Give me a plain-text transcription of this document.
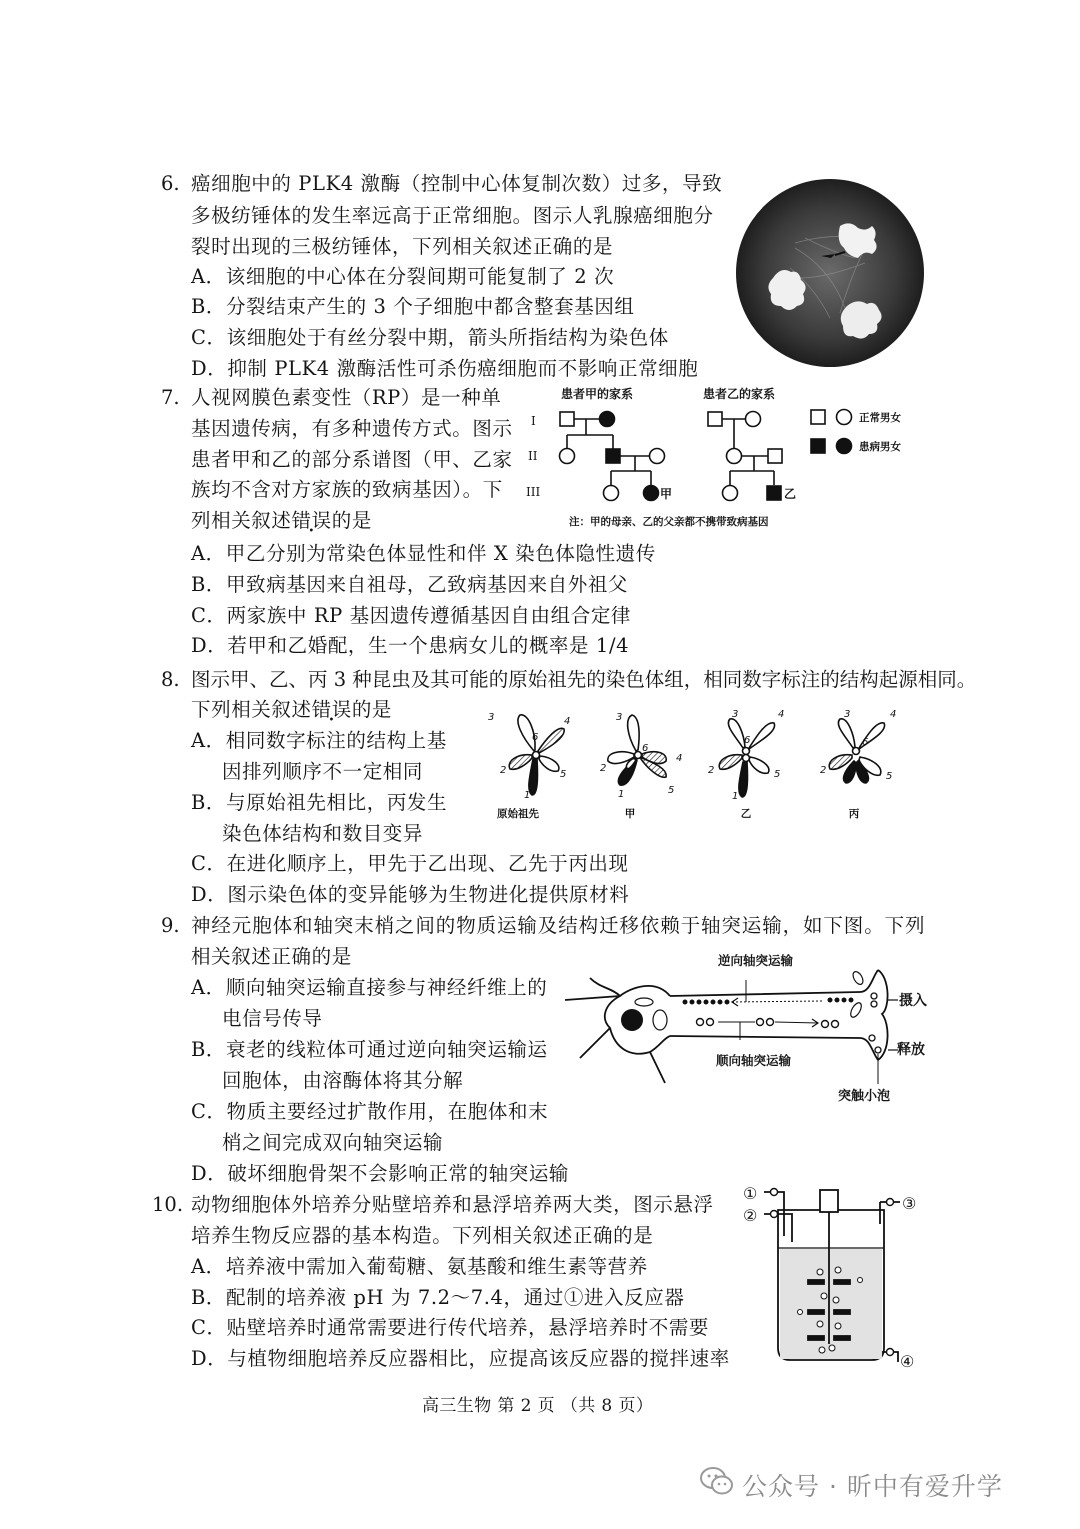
6. 癌细胞中的 PLK4 激酶（控制中心体复制次数）过多，导致
多极纺锤体的发生率远高于正常细胞。图示人乳腺癌细胞分
裂时出现的三极纺锤体，下列相关叙述正确的是
A．该细胞的中心体在分裂间期可能复制了 2 次
B．分裂结束产生的 3 个子细胞中都含整套基因组
C．该细胞处于有丝分裂中期，箭头所指结构为染色体
D．抑制 PLK4 激酶活性可杀伤癌细胞而不影响正常细胞
7. 人视网膜色素变性（RP）是一种单
基因遗传病，有多种遗传方式。图示
患者甲和乙的部分系谱图（甲、乙家
族均不含对方家族的致病基因）。下
列相关叙述错误的是
A．甲乙分别为常染色体显性和伴 X 染色体隐性遗传
B．甲致病基因来自祖母，乙致病基因来自外祖父
C．两家族中 RP 基因遗传遵循基因自由组合定律
D．若甲和乙婚配，生一个患病女儿的概率是 1/4
患者甲的家系	患者乙的家系
I
II
III	甲	乙
正常男女
患病男女
注：甲的母亲、乙的父亲都不携带致病基因
8. 图示甲、乙、丙 3 种昆虫及其可能的原始祖先的染色体组，相同数字标注的结构起源相同。
下列相关叙述错误的是
A．相同数字标注的结构上基
因排列顺序不一定相同
B．与原始祖先相比，丙发生
染色体结构和数目变异
C．在进化顺序上，甲先于乙出现、乙先于丙出现
D．图示染色体的变异能够为生物进化提供原材料
3	4
6
2	5
1
3
6
4
2
1	5
3	4
6
2	5
1
3	4
6
2
5
原始祖先	甲	乙	丙
9. 神经元胞体和轴突末梢之间的物质运输及结构迁移依赖于轴突运输，如下图。下列
相关叙述正确的是
A．顺向轴突运输直接参与神经纤维上的
电信号传导
B．衰老的线粒体可通过逆向轴突运输运
回胞体，由溶酶体将其分解
C．物质主要经过扩散作用，在胞体和末
梢之间完成双向轴突运输
D．破坏细胞骨架不会影响正常的轴突运输
逆向轴突运输
顺向轴突运输
摄入
释放
突触小泡
10. 动物细胞体外培养分贴壁培养和悬浮培养两大类，图示悬浮
培养生物反应器的基本构造。下列相关叙述正确的是
A．培养液中需加入葡萄糖、氨基酸和维生素等营养
B．配制的培养液 pH 为 7.2～7.4，通过①进入反应器
C．贴壁培养时通常需要进行传代培养，悬浮培养时不需要
D．与植物细胞培养反应器相比，应提高该反应器的搅拌速率
①
②
③
④
高三生物 第 2 页 （共 8 页）
公众号 · 昕中有爱升学
